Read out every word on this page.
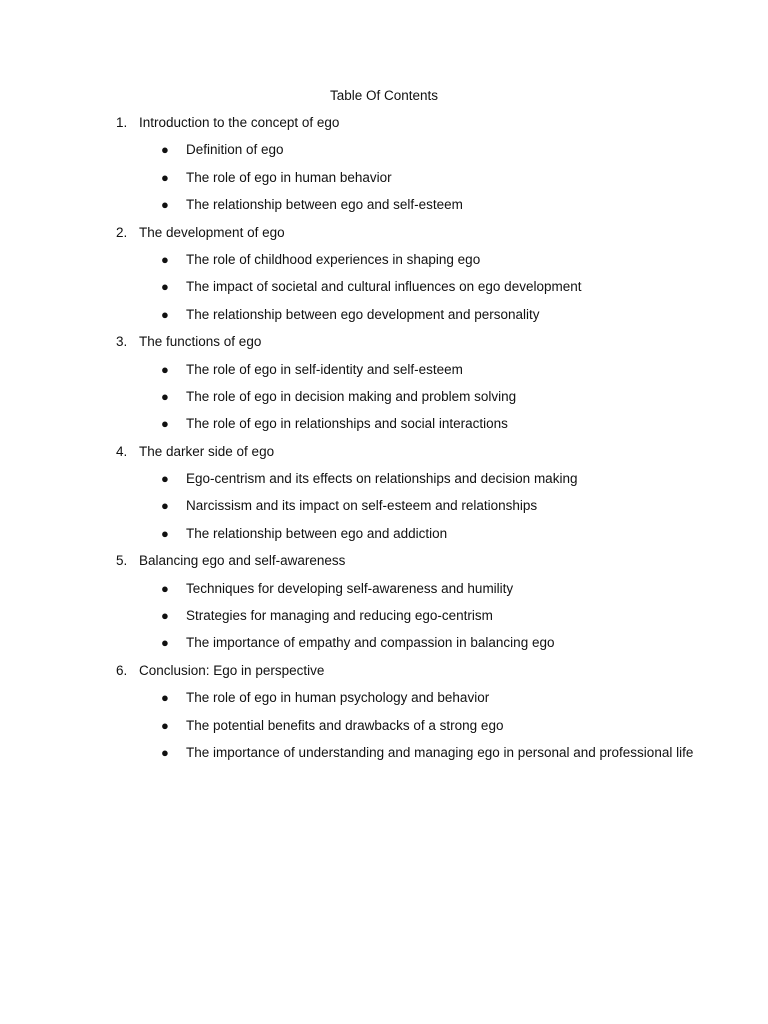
Table Of Contents
1. Introduction to the concept of ego
● Definition of ego
● The role of ego in human behavior
● The relationship between ego and self-esteem
2. The development of ego
● The role of childhood experiences in shaping ego
● The impact of societal and cultural influences on ego development
● The relationship between ego development and personality
3. The functions of ego
● The role of ego in self-identity and self-esteem
● The role of ego in decision making and problem solving
● The role of ego in relationships and social interactions
4. The darker side of ego
● Ego-centrism and its effects on relationships and decision making
● Narcissism and its impact on self-esteem and relationships
● The relationship between ego and addiction
5. Balancing ego and self-awareness
● Techniques for developing self-awareness and humility
● Strategies for managing and reducing ego-centrism
● The importance of empathy and compassion in balancing ego
6. Conclusion: Ego in perspective
● The role of ego in human psychology and behavior
● The potential benefits and drawbacks of a strong ego
● The importance of understanding and managing ego in personal and professional life
